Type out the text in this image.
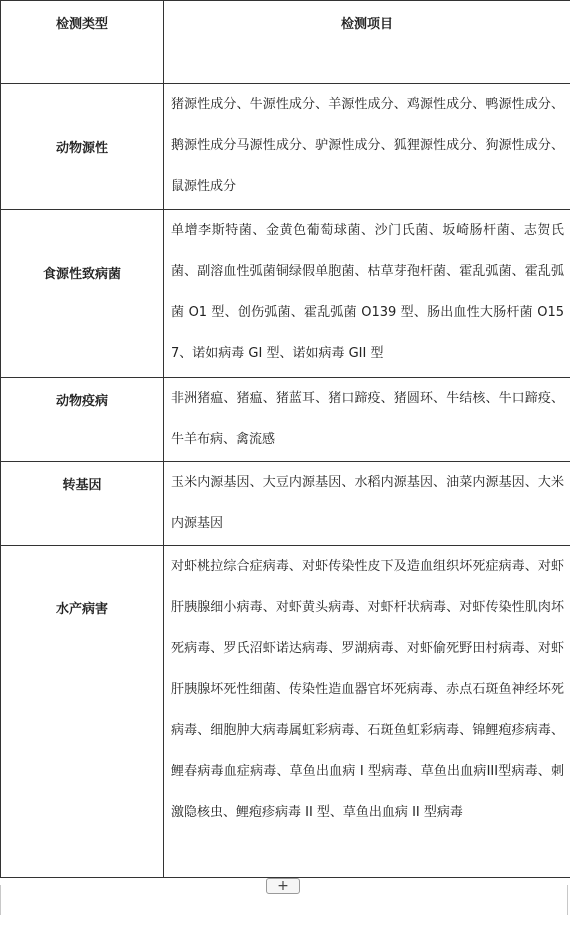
检测类型	检测项目

动物源性	猪源性成分、牛源性成分、羊源性成分、鸡源性成分、鸭源性成分、鹅源性成分马源性成分、驴源性成分、狐狸源性成分、狗源性成分、鼠源性成分

食源性致病菌	单增李斯特菌、金黄色葡萄球菌、沙门氏菌、坂崎肠杆菌、志贺氏菌、副溶血性弧菌铜绿假单胞菌、枯草芽孢杆菌、霍乱弧菌、霍乱弧菌 O1 型、创伤弧菌、霍乱弧菌 O139 型、肠出血性大肠杆菌 O157、诺如病毒 GI 型、诺如病毒 GII 型

动物疫病	非洲猪瘟、猪瘟、猪蓝耳、猪口蹄疫、猪圆环、牛结核、牛口蹄疫、牛羊布病、禽流感

转基因	玉米内源基因、大豆内源基因、水稻内源基因、油菜内源基因、大米内源基因

水产病害	对虾桃拉综合症病毒、对虾传染性皮下及造血组织坏死症病毒、对虾肝胰腺细小病毒、对虾黄头病毒、对虾杆状病毒、对虾传染性肌肉坏死病毒、罗氏沼虾诺达病毒、罗湖病毒、对虾偷死野田村病毒、对虾肝胰腺坏死性细菌、传染性造血器官坏死病毒、赤点石斑鱼神经坏死病毒、细胞肿大病毒属虹彩病毒、石斑鱼虹彩病毒、锦鲤疱疹病毒、鲤春病毒血症病毒、草鱼出血病 I 型病毒、草鱼出血病III型病毒、刺激隐核虫、鲤疱疹病毒 II 型、草鱼出血病 II 型病毒
+
